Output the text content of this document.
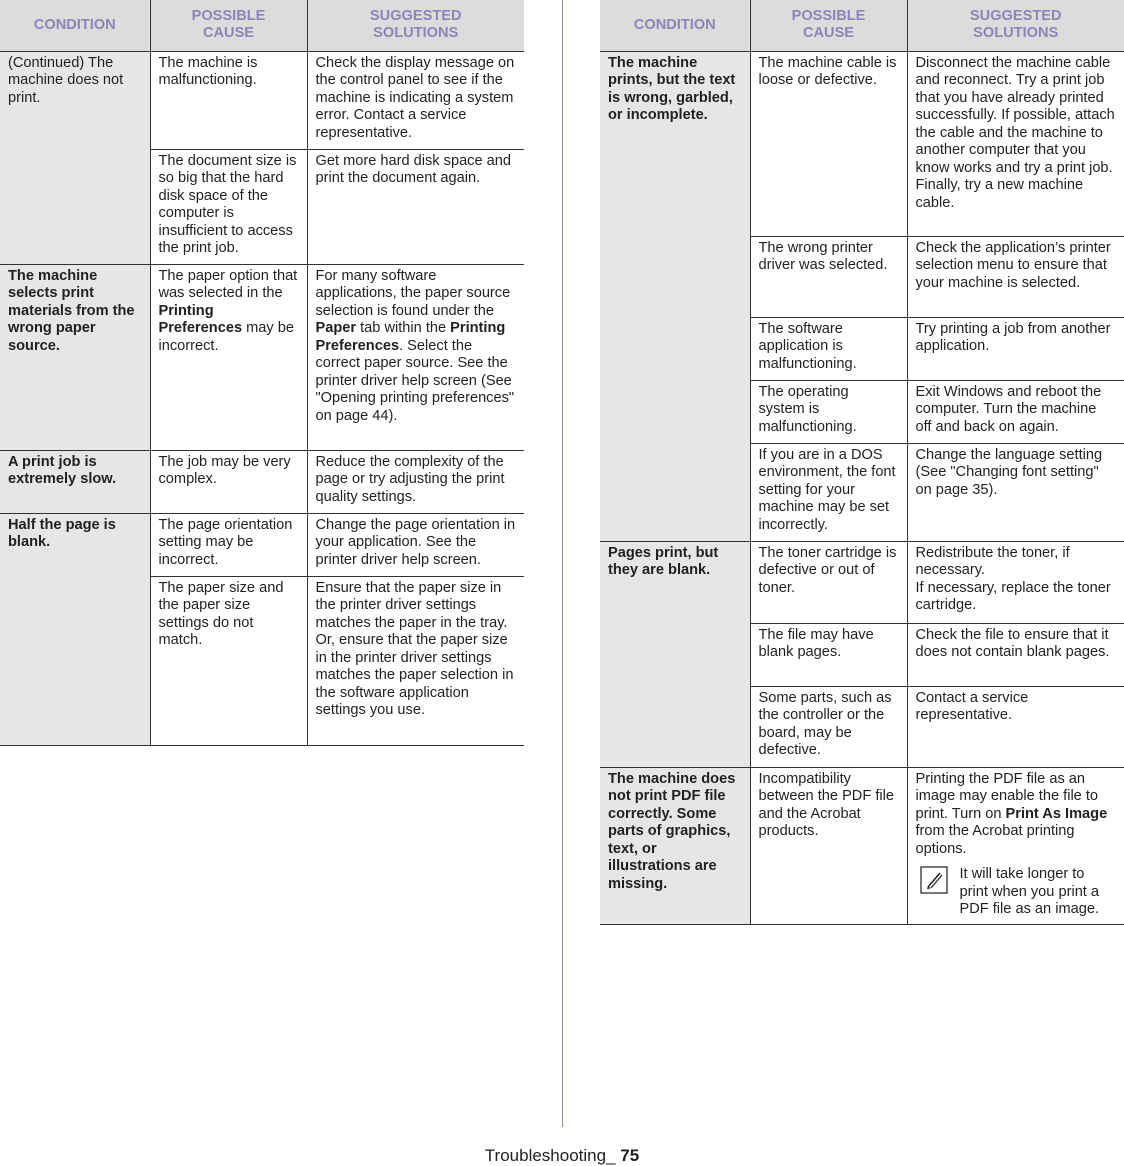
CONDITION	POSSIBLE
CAUSE	SUGGESTED
SOLUTIONS
(Continued) The machine does not print.	The machine is malfunctioning.	Check the display message on the control panel to see if the machine is indicating a system error. Contact a service representative.
	The document size is so big that the hard disk space of the computer is insufficient to access the print job.	Get more hard disk space and print the document again.
The machine selects print materials from the wrong paper source.	The paper option that was selected in the Printing Preferences may be incorrect.	For many software applications, the paper source selection is found under the Paper tab within the Printing Preferences. Select the correct paper source. See the printer driver help screen (See "Opening printing preferences" on page 44).
A print job is extremely slow.	The job may be very complex.	Reduce the complexity of the page or try adjusting the print quality settings.
Half the page is blank.	The page orientation setting may be incorrect.	Change the page orientation in your application. See the printer driver help screen.
	The paper size and the paper size settings do not match.	Ensure that the paper size in the printer driver settings matches the paper in the tray.

Or, ensure that the paper size in the printer driver settings matches the paper selection in the software application settings you use.

CONDITION	POSSIBLE
CAUSE	SUGGESTED
SOLUTIONS
The machine prints, but the text is wrong, garbled, or incomplete.	The machine cable is loose or defective.	Disconnect the machine cable and reconnect. Try a print job that you have already printed successfully. If possible, attach the cable and the machine to another computer that you know works and try a print job. Finally, try a new machine cable.
	The wrong printer driver was selected.	Check the application’s printer selection menu to ensure that your machine is selected.
	The software application is malfunctioning.	Try printing a job from another application.
	The operating system is malfunctioning.	Exit Windows and reboot the computer. Turn the machine off and back on again.
	If you are in a DOS environment, the font setting for your machine may be set incorrectly.	Change the language setting (See "Changing font setting" on page 35).
Pages print, but they are blank.	The toner cartridge is defective or out of toner.	Redistribute the toner, if necessary.

If necessary, replace the toner cartridge.

	The file may have blank pages.	Check the file to ensure that it does not contain blank pages.
	Some parts, such as the controller or the board, may be defective.	Contact a service representative.
The machine does not print PDF file correctly. Some parts of graphics, text, or illustrations are missing.	Incompatibility between the PDF file and the Acrobat products.	Printing the PDF file as an image may enable the file to print. Turn on Print As Image from the Acrobat printing options.
It will take longer to print when you print a PDF file as an image.
Troubleshooting_ 75
